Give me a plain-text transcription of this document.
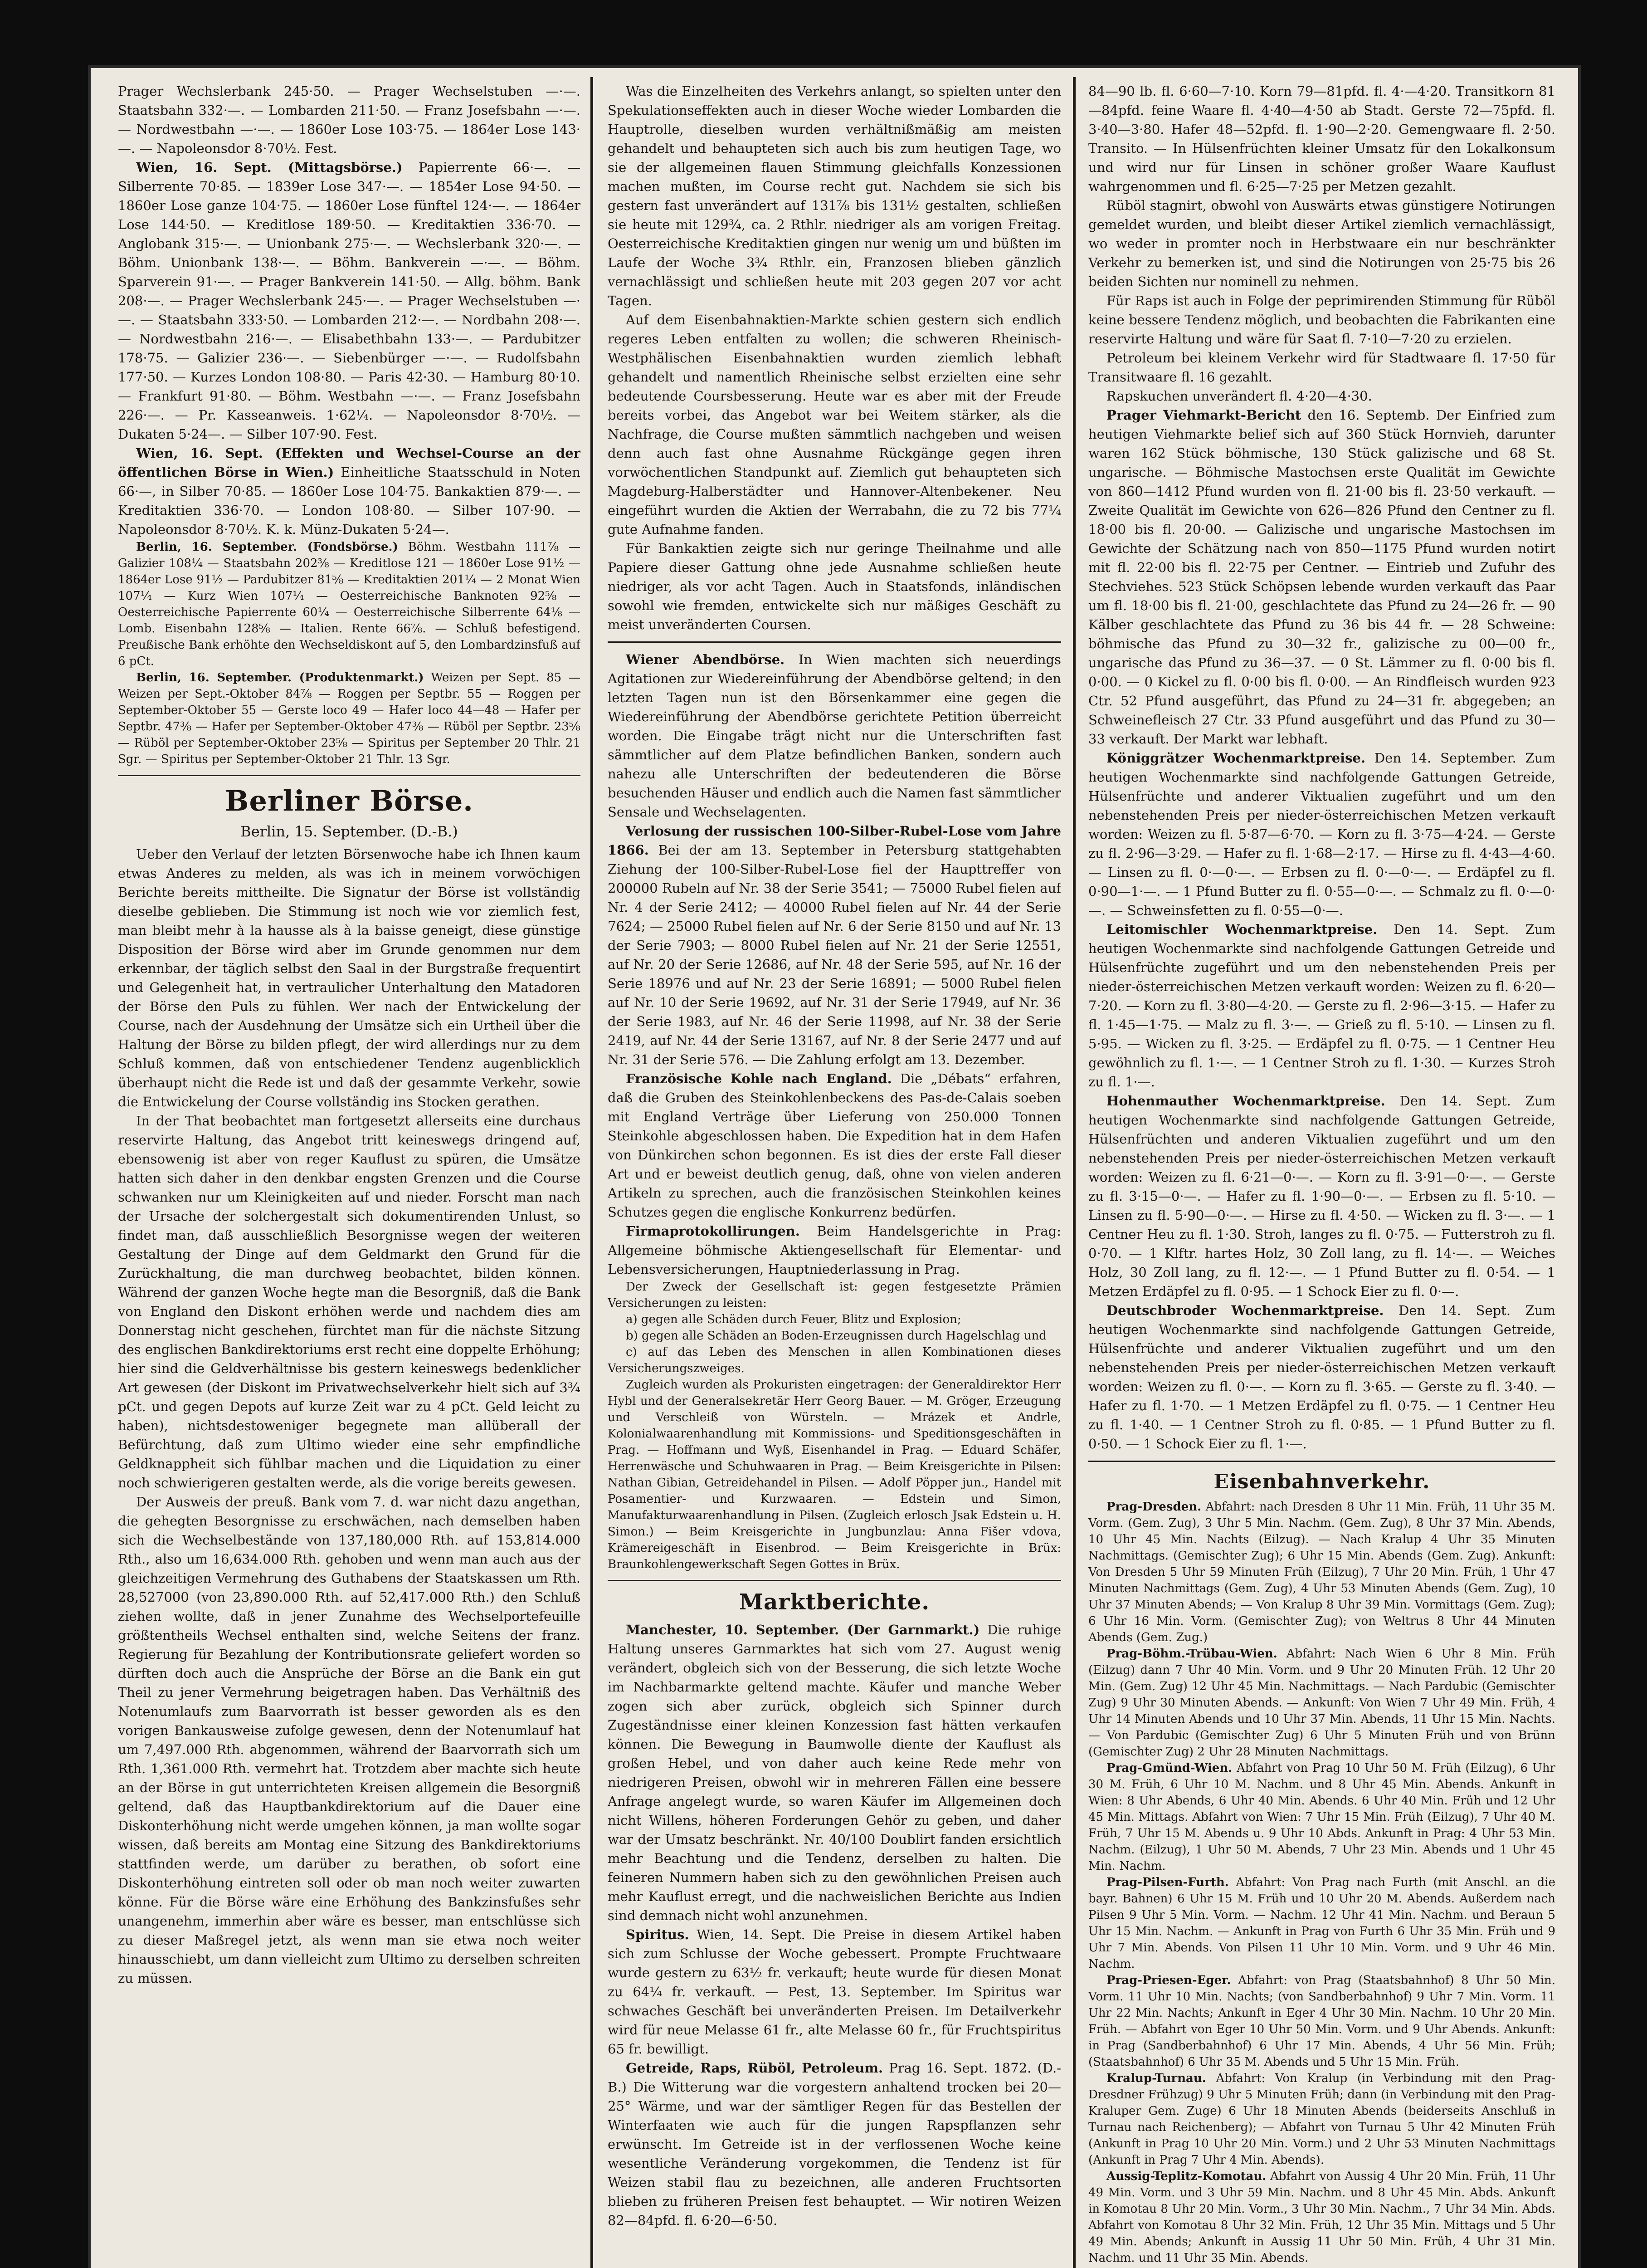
Prager Wechslerbank 245·50. — Prager Wechselstuben —·—. Staatsbahn 332·—. — Lombarden 211·50. — Franz Josefsbahn —·—. — Nordwestbahn —·—. — 1860er Lose 103·75. — 1864er Lose 143·—. — Napoleonsdor 8·70½. Fest.

Wien, 16. Sept. (Mittagsbörse.) Papierrente 66·—. — Silberrente 70·85. — 1839er Lose 347·—. — 1854er Lose 94·50. — 1860er Lose ganze 104·75. — 1860er Lose fünftel 124·—. — 1864er Lose 144·50. — Kreditlose 189·50. — Kreditaktien 336·70. — Anglobank 315·—. — Unionbank 275·—. — Wechslerbank 320·—. — Böhm. Unionbank 138·—. — Böhm. Bankverein —·—. — Böhm. Sparverein 91·—. — Prager Bankverein 141·50. — Allg. böhm. Bank 208·—. — Prager Wechslerbank 245·—. — Prager Wechselstuben —·—. — Staatsbahn 333·50. — Lombarden 212·—. — Nordbahn 208·—. — Nordwestbahn 216·—. — Elisabethbahn 133·—. — Pardubitzer 178·75. — Galizier 236·—. — Siebenbürger —·—. — Rudolfsbahn 177·50. — Kurzes London 108·80. — Paris 42·30. — Hamburg 80·10. — Frankfurt 91·80. — Böhm. Westbahn —·—. — Franz Josefsbahn 226·—. — Pr. Kasseanweis. 1·62¼. — Napoleonsdor 8·70½. — Dukaten 5·24—. — Silber 107·90. Fest.

Wien, 16. Sept. (Effekten und Wechsel-Course an der öffentlichen Börse in Wien.) Einheitliche Staatsschuld in Noten 66·—, in Silber 70·85. — 1860er Lose 104·75. Bankaktien 879·—. — Kreditaktien 336·70. — London 108·80. — Silber 107·90. — Napoleonsdor 8·70½. K. k. Münz-Dukaten 5·24—.

Berlin, 16. September. (Fondsbörse.) Böhm. Westbahn 111⅞ — Galizier 108¼ — Staatsbahn 202⅜ — Kreditlose 121 — 1860er Lose 91½ — 1864er Lose 91½ — Pardubitzer 81⅝ — Kreditaktien 201¼ — 2 Monat Wien 107¼ — Kurz Wien 107¼ — Oesterreichische Banknoten 92⅝ — Oesterreichische Papierrente 60¼ — Oesterreichische Silberrente 64⅛ — Lomb. Eisenbahn 128⅝ — Italien. Rente 66⅞. — Schluß befestigend. Preußische Bank erhöhte den Wechseldiskont auf 5, den Lombardzinsfuß auf 6 pCt.

Berlin, 16. September. (Produktenmarkt.) Weizen per Sept. 85 — Weizen per Sept.-Oktober 84⅞ — Roggen per Septbr. 55 — Roggen per September-Oktober 55 — Gerste loco 49 — Hafer loco 44—48 — Hafer per Septbr. 47⅜ — Hafer per September-Oktober 47⅜ — Rüböl per Septbr. 23⅝ — Rüböl per September-Oktober 23⅝ — Spiritus per September 20 Thlr. 21 Sgr. — Spiritus per September-Oktober 21 Thlr. 13 Sgr.

Berliner Börse.
Berlin, 15. September. (D.-B.)

Ueber den Verlauf der letzten Börsenwoche habe ich Ihnen kaum etwas Anderes zu melden, als was ich in meinem vorwöchigen Berichte bereits mittheilte. Die Signatur der Börse ist vollständig dieselbe geblieben. Die Stimmung ist noch wie vor ziemlich fest, man bleibt mehr à la hausse als à la baisse geneigt, diese günstige Disposition der Börse wird aber im Grunde genommen nur dem erkennbar, der täglich selbst den Saal in der Burgstraße frequentirt und Gelegenheit hat, in vertraulicher Unterhaltung den Matadoren der Börse den Puls zu fühlen. Wer nach der Entwickelung der Course, nach der Ausdehnung der Umsätze sich ein Urtheil über die Haltung der Börse zu bilden pflegt, der wird allerdings nur zu dem Schluß kommen, daß von entschiedener Tendenz augenblicklich überhaupt nicht die Rede ist und daß der gesammte Verkehr, sowie die Entwickelung der Course vollständig ins Stocken gerathen.

In der That beobachtet man fortgesetzt allerseits eine durchaus reservirte Haltung, das Angebot tritt keineswegs dringend auf, ebensowenig ist aber von reger Kauflust zu spüren, die Umsätze hatten sich daher in den denkbar engsten Grenzen und die Course schwanken nur um Kleinigkeiten auf und nieder. Forscht man nach der Ursache der solchergestalt sich dokumentirenden Unlust, so findet man, daß ausschließlich Besorgnisse wegen der weiteren Gestaltung der Dinge auf dem Geldmarkt den Grund für die Zurückhaltung, die man durchweg beobachtet, bilden können. Während der ganzen Woche hegte man die Besorgniß, daß die Bank von England den Diskont erhöhen werde und nachdem dies am Donnerstag nicht geschehen, fürchtet man für die nächste Sitzung des englischen Bankdirektoriums erst recht eine doppelte Erhöhung; hier sind die Geldverhältnisse bis gestern keineswegs bedenklicher Art gewesen (der Diskont im Privatwechselverkehr hielt sich auf 3¾ pCt. und gegen Depots auf kurze Zeit war zu 4 pCt. Geld leicht zu haben), nichtsdestoweniger begegnete man allüberall der Befürchtung, daß zum Ultimo wieder eine sehr empfindliche Geldknappheit sich fühlbar machen und die Liquidation zu einer noch schwierigeren gestalten werde, als die vorige bereits gewesen.

Der Ausweis der preuß. Bank vom 7. d. war nicht dazu angethan, die gehegten Besorgnisse zu erschwächen, nach demselben haben sich die Wechselbestände von 137,180,000 Rth. auf 153,814.000 Rth., also um 16,634.000 Rth. gehoben und wenn man auch aus der gleichzeitigen Vermehrung des Guthabens der Staatskassen um Rth. 28,527000 (von 23,890.000 Rth. auf 52,417.000 Rth.) den Schluß ziehen wollte, daß in jener Zunahme des Wechselportefeuille größtentheils Wechsel enthalten sind, welche Seitens der franz. Regierung für Bezahlung der Kontributionsrate geliefert worden so dürften doch auch die Ansprüche der Börse an die Bank ein gut Theil zu jener Vermehrung beigetragen haben. Das Verhältniß des Notenumlaufs zum Baarvorrath ist besser geworden als es den vorigen Bankausweise zufolge gewesen, denn der Notenumlauf hat um 7,497.000 Rth. abgenommen, während der Baarvorrath sich um Rth. 1,361.000 Rth. vermehrt hat. Trotzdem aber machte sich heute an der Börse in gut unterrichteten Kreisen allgemein die Besorgniß geltend, daß das Hauptbankdirektorium auf die Dauer eine Diskonterhöhung nicht werde umgehen können, ja man wollte sogar wissen, daß bereits am Montag eine Sitzung des Bankdirektoriums stattfinden werde, um darüber zu berathen, ob sofort eine Diskonterhöhung eintreten soll oder ob man noch weiter zuwarten könne. Für die Börse wäre eine Erhöhung des Bankzinsfußes sehr unangenehm, immerhin aber wäre es besser, man entschlüsse sich zu dieser Maßregel jetzt, als wenn man sie etwa noch weiter hinausschiebt, um dann vielleicht zum Ultimo zu derselben schreiten zu müssen.

Was die Einzelheiten des Verkehrs anlangt, so spielten unter den Spekulationseffekten auch in dieser Woche wieder Lombarden die Hauptrolle, dieselben wurden verhältnißmäßig am meisten gehandelt und behaupteten sich auch bis zum heutigen Tage, wo sie der allgemeinen flauen Stimmung gleichfalls Konzessionen machen mußten, im Course recht gut. Nachdem sie sich bis gestern fast unverändert auf 131⅞ bis 131½ gestalten, schließen sie heute mit 129¾, ca. 2 Rthlr. niedriger als am vorigen Freitag. Oesterreichische Kreditaktien gingen nur wenig um und büßten im Laufe der Woche 3¾ Rthlr. ein, Franzosen blieben gänzlich vernachlässigt und schließen heute mit 203 gegen 207 vor acht Tagen.

Auf dem Eisenbahnaktien-Markte schien gestern sich endlich regeres Leben entfalten zu wollen; die schweren Rheinisch-Westphälischen Eisenbahnaktien wurden ziemlich lebhaft gehandelt und namentlich Rheinische selbst erzielten eine sehr bedeutende Coursbesserung. Heute war es aber mit der Freude bereits vorbei, das Angebot war bei Weitem stärker, als die Nachfrage, die Course mußten sämmtlich nachgeben und weisen denn auch fast ohne Ausnahme Rückgänge gegen ihren vorwöchentlichen Standpunkt auf. Ziemlich gut behaupteten sich Magdeburg-Halberstädter und Hannover-Altenbekener. Neu eingeführt wurden die Aktien der Werrabahn, die zu 72 bis 77¼ gute Aufnahme fanden.

Für Bankaktien zeigte sich nur geringe Theilnahme und alle Papiere dieser Gattung ohne jede Ausnahme schließen heute niedriger, als vor acht Tagen. Auch in Staatsfonds, inländischen sowohl wie fremden, entwickelte sich nur mäßiges Geschäft zu meist unveränderten Coursen.

Wiener Abendbörse. In Wien machten sich neuerdings Agitationen zur Wiedereinführung der Abendbörse geltend; in den letzten Tagen nun ist den Börsenkammer eine gegen die Wiedereinführung der Abendbörse gerichtete Petition überreicht worden. Die Eingabe trägt nicht nur die Unterschriften fast sämmtlicher auf dem Platze befindlichen Banken, sondern auch nahezu alle Unterschriften der bedeutenderen die Börse besuchenden Häuser und endlich auch die Namen fast sämmtlicher Sensale und Wechselagenten.

Verlosung der russischen 100-Silber-Rubel-Lose vom Jahre 1866. Bei der am 13. September in Petersburg stattgehabten Ziehung der 100-Silber-Rubel-Lose fiel der Haupttreffer von 200000 Rubeln auf Nr. 38 der Serie 3541; — 75000 Rubel fielen auf Nr. 4 der Serie 2412; — 40000 Rubel fielen auf Nr. 44 der Serie 7624; — 25000 Rubel fielen auf Nr. 6 der Serie 8150 und auf Nr. 13 der Serie 7903; — 8000 Rubel fielen auf Nr. 21 der Serie 12551, auf Nr. 20 der Serie 12686, auf Nr. 48 der Serie 595, auf Nr. 16 der Serie 18976 und auf Nr. 23 der Serie 16891; — 5000 Rubel fielen auf Nr. 10 der Serie 19692, auf Nr. 31 der Serie 17949, auf Nr. 36 der Serie 1983, auf Nr. 46 der Serie 11998, auf Nr. 38 der Serie 2419, auf Nr. 44 der Serie 13167, auf Nr. 8 der Serie 2477 und auf Nr. 31 der Serie 576. — Die Zahlung erfolgt am 13. Dezember.

Französische Kohle nach England. Die „Débats“ erfahren, daß die Gruben des Steinkohlenbeckens des Pas-de-Calais soeben mit England Verträge über Lieferung von 250.000 Tonnen Steinkohle abgeschlossen haben. Die Expedition hat in dem Hafen von Dünkirchen schon begonnen. Es ist dies der erste Fall dieser Art und er beweist deutlich genug, daß, ohne von vielen anderen Artikeln zu sprechen, auch die französischen Steinkohlen keines Schutzes gegen die englische Konkurrenz bedürfen.

Firmaprotokollirungen. Beim Handelsgerichte in Prag: Allgemeine böhmische Aktiengesellschaft für Elementar- und Lebensversicherungen, Hauptniederlassung in Prag.

Der Zweck der Gesellschaft ist: gegen festgesetzte Prämien Versicherungen zu leisten:

a) gegen alle Schäden durch Feuer, Blitz und Explosion;

b) gegen alle Schäden an Boden-Erzeugnissen durch Hagelschlag und

c) auf das Leben des Menschen in allen Kombinationen dieses Versicherungszweiges.

Zugleich wurden als Prokuristen eingetragen: der Generaldirektor Herr Hybl und der Generalsekretär Herr Georg Bauer. — M. Gröger, Erzeugung und Verschleiß von Würsteln. — Mrázek et Andrle, Kolonialwaarenhandlung mit Kommissions- und Speditionsgeschäften in Prag. — Hoffmann und Wyß, Eisenhandel in Prag. — Eduard Schäfer, Herrenwäsche und Schuhwaaren in Prag. — Beim Kreisgerichte in Pilsen: Nathan Gibian, Getreidehandel in Pilsen. — Adolf Pöpper jun., Handel mit Posamentier- und Kurzwaaren. — Edstein und Simon, Manufakturwaarenhandlung in Pilsen. (Zugleich erlosch Jsak Edstein u. H. Simon.) — Beim Kreisgerichte in Jungbunzlau: Anna Fišer vdova, Krämereigeschäft in Eisenbrod. — Beim Kreisgerichte in Brüx: Braunkohlengewerkschaft Segen Gottes in Brüx.

Marktberichte.

Manchester, 10. September. (Der Garnmarkt.) Die ruhige Haltung unseres Garnmarktes hat sich vom 27. August wenig verändert, obgleich sich von der Besserung, die sich letzte Woche im Nachbarmarkte geltend machte. Käufer und manche Weber zogen sich aber zurück, obgleich sich Spinner durch Zugeständnisse einer kleinen Konzession fast hätten verkaufen können. Die Bewegung in Baumwolle diente der Kauflust als großen Hebel, und von daher auch keine Rede mehr von niedrigeren Preisen, obwohl wir in mehreren Fällen eine bessere Anfrage angelegt wurde, so waren Käufer im Allgemeinen doch nicht Willens, höheren Forderungen Gehör zu geben, und daher war der Umsatz beschränkt. Nr. 40/100 Doublirt fanden ersichtlich mehr Beachtung und die Tendenz, derselben zu halten. Die feineren Nummern haben sich zu den gewöhnlichen Preisen auch mehr Kauflust erregt, und die nachweislichen Berichte aus Indien sind demnach nicht wohl anzunehmen.

Spiritus. Wien, 14. Sept. Die Preise in diesem Artikel haben sich zum Schlusse der Woche gebessert. Prompte Fruchtwaare wurde gestern zu 63½ fr. verkauft; heute wurde für diesen Monat zu 64¼ fr. verkauft. — Pest, 13. September. Im Spiritus war schwaches Geschäft bei unveränderten Preisen. Im Detailverkehr wird für neue Melasse 61 fr., alte Melasse 60 fr., für Fruchtspiritus 65 fr. bewilligt.

Getreide, Raps, Rüböl, Petroleum. Prag 16. Sept. 1872. (D.-B.) Die Witterung war die vorgestern anhaltend trocken bei 20—25° Wärme, und war der sämtliger Regen für das Bestellen der Winterfaaten wie auch für die jungen Rapspflanzen sehr erwünscht. Im Getreide ist in der verflossenen Woche keine wesentliche Veränderung vorgekommen, die Tendenz ist für Weizen stabil flau zu bezeichnen, alle anderen Fruchtsorten blieben zu früheren Preisen fest behauptet. — Wir notiren Weizen 82—84pfd. fl. 6·20—6·50.

84—90 lb. fl. 6·60—7·10. Korn 79—81pfd. fl. 4·—4·20. Transitkorn 81—84pfd. feine Waare fl. 4·40—4·50 ab Stadt. Gerste 72—75pfd. fl. 3·40—3·80. Hafer 48—52pfd. fl. 1·90—2·20. Gemengwaare fl. 2·50. Transito. — In Hülsenfrüchten kleiner Umsatz für den Lokalkonsum und wird nur für Linsen in schöner großer Waare Kauflust wahrgenommen und fl. 6·25—7·25 per Metzen gezahlt.

Rüböl stagnirt, obwohl von Auswärts etwas günstigere Notirungen gemeldet wurden, und bleibt dieser Artikel ziemlich vernachlässigt, wo weder in promter noch in Herbstwaare ein nur beschränkter Verkehr zu bemerken ist, und sind die Notirungen von 25·75 bis 26 beiden Sichten nur nominell zu nehmen.

Für Raps ist auch in Folge der peprimirenden Stimmung für Rüböl keine bessere Tendenz möglich, und beobachten die Fabrikanten eine reservirte Haltung und wäre für Saat fl. 7·10—7·20 zu erzielen.

Petroleum bei kleinem Verkehr wird für Stadtwaare fl. 17·50 für Transitwaare fl. 16 gezahlt.

Rapskuchen unverändert fl. 4·20—4·30.

Prager Viehmarkt-Bericht den 16. Septemb. Der Einfried zum heutigen Viehmarkte belief sich auf 360 Stück Hornvieh, darunter waren 162 Stück böhmische, 130 Stück galizische und 68 St. ungarische. — Böhmische Mastochsen erste Qualität im Gewichte von 860—1412 Pfund wurden von fl. 21·00 bis fl. 23·50 verkauft. — Zweite Qualität im Gewichte von 626—826 Pfund den Centner zu fl. 18·00 bis fl. 20·00. — Galizische und ungarische Mastochsen im Gewichte der Schätzung nach von 850—1175 Pfund wurden notirt mit fl. 22·00 bis fl. 22·75 per Centner. — Eintrieb und Zufuhr des Stechviehes. 523 Stück Schöpsen lebende wurden verkauft das Paar um fl. 18·00 bis fl. 21·00, geschlachtete das Pfund zu 24—26 fr. — 90 Kälber geschlachtete das Pfund zu 36 bis 44 fr. — 28 Schweine: böhmische das Pfund zu 30—32 fr., galizische zu 00—00 fr., ungarische das Pfund zu 36—37. — 0 St. Lämmer zu fl. 0·00 bis fl. 0·00. — 0 Kickel zu fl. 0·00 bis fl. 0·00. — An Rindfleisch wurden 923 Ctr. 52 Pfund ausgeführt, das Pfund zu 24—31 fr. abgegeben; an Schweinefleisch 27 Ctr. 33 Pfund ausgeführt und das Pfund zu 30—33 verkauft. Der Markt war lebhaft.

Königgrätzer Wochenmarktpreise. Den 14. September. Zum heutigen Wochenmarkte sind nachfolgende Gattungen Getreide, Hülsenfrüchte und anderer Viktualien zugeführt und um den nebenstehenden Preis per nieder-österreichischen Metzen verkauft worden: Weizen zu fl. 5·87—6·70. — Korn zu fl. 3·75—4·24. — Gerste zu fl. 2·96—3·29. — Hafer zu fl. 1·68—2·17. — Hirse zu fl. 4·43—4·60. — Linsen zu fl. 0·—0·—. — Erbsen zu fl. 0·—0·—. — Erdäpfel zu fl. 0·90—1·—. — 1 Pfund Butter zu fl. 0·55—0·—. — Schmalz zu fl. 0·—0·—. — Schweinsfetten zu fl. 0·55—0·—.

Leitomischler Wochenmarktpreise. Den 14. Sept. Zum heutigen Wochenmarkte sind nachfolgende Gattungen Getreide und Hülsenfrüchte zugeführt und um den nebenstehenden Preis per nieder-österreichischen Metzen verkauft worden: Weizen zu fl. 6·20—7·20. — Korn zu fl. 3·80—4·20. — Gerste zu fl. 2·96—3·15. — Hafer zu fl. 1·45—1·75. — Malz zu fl. 3·—. — Grieß zu fl. 5·10. — Linsen zu fl. 5·95. — Wicken zu fl. 3·25. — Erdäpfel zu fl. 0·75. — 1 Centner Heu gewöhnlich zu fl. 1·—. — 1 Centner Stroh zu fl. 1·30. — Kurzes Stroh zu fl. 1·—.

Hohenmauther Wochenmarktpreise. Den 14. Sept. Zum heutigen Wochenmarkte sind nachfolgende Gattungen Getreide, Hülsenfrüchten und anderen Viktualien zugeführt und um den nebenstehenden Preis per nieder-österreichischen Metzen verkauft worden: Weizen zu fl. 6·21—0·—. — Korn zu fl. 3·91—0·—. — Gerste zu fl. 3·15—0·—. — Hafer zu fl. 1·90—0·—. — Erbsen zu fl. 5·10. — Linsen zu fl. 5·90—0·—. — Hirse zu fl. 4·50. — Wicken zu fl. 3·—. — 1 Centner Heu zu fl. 1·30. Stroh, langes zu fl. 0·75. — Futterstroh zu fl. 0·70. — 1 Klftr. hartes Holz, 30 Zoll lang, zu fl. 14·—. — Weiches Holz, 30 Zoll lang, zu fl. 12·—. — 1 Pfund Butter zu fl. 0·54. — 1 Metzen Erdäpfel zu fl. 0·95. — 1 Schock Eier zu fl. 0·—.

Deutschbroder Wochenmarktpreise. Den 14. Sept. Zum heutigen Wochenmarkte sind nachfolgende Gattungen Getreide, Hülsenfrüchte und anderer Viktualien zugeführt und um den nebenstehenden Preis per nieder-österreichischen Metzen verkauft worden: Weizen zu fl. 0·—. — Korn zu fl. 3·65. — Gerste zu fl. 3·40. — Hafer zu fl. 1·70. — 1 Metzen Erdäpfel zu fl. 0·75. — 1 Centner Heu zu fl. 1·40. — 1 Centner Stroh zu fl. 0·85. — 1 Pfund Butter zu fl. 0·50. — 1 Schock Eier zu fl. 1·—.

Eisenbahnverkehr.

Prag-Dresden. Abfahrt: nach Dresden 8 Uhr 11 Min. Früh, 11 Uhr 35 M. Vorm. (Gem. Zug), 3 Uhr 5 Min. Nachm. (Gem. Zug), 8 Uhr 37 Min. Abends, 10 Uhr 45 Min. Nachts (Eilzug). — Nach Kralup 4 Uhr 35 Minuten Nachmittags. (Gemischter Zug); 6 Uhr 15 Min. Abends (Gem. Zug). Ankunft: Von Dresden 5 Uhr 59 Minuten Früh (Eilzug), 7 Uhr 20 Min. Früh, 1 Uhr 47 Minuten Nachmittags (Gem. Zug), 4 Uhr 53 Minuten Abends (Gem. Zug), 10 Uhr 37 Minuten Abends; — Von Kralup 8 Uhr 39 Min. Vormittags (Gem. Zug); 6 Uhr 16 Min. Vorm. (Gemischter Zug); von Weltrus 8 Uhr 44 Minuten Abends (Gem. Zug.)

Prag-Böhm.-Trübau-Wien. Abfahrt: Nach Wien 6 Uhr 8 Min. Früh (Eilzug) dann 7 Uhr 40 Min. Vorm. und 9 Uhr 20 Minuten Früh. 12 Uhr 20 Min. (Gem. Zug) 12 Uhr 45 Min. Nachmittags. — Nach Pardubic (Gemischter Zug) 9 Uhr 30 Minuten Abends. — Ankunft: Von Wien 7 Uhr 49 Min. Früh, 4 Uhr 14 Minuten Abends und 10 Uhr 37 Min. Abends, 11 Uhr 15 Min. Nachts. — Von Pardubic (Gemischter Zug) 6 Uhr 5 Minuten Früh und von Brünn (Gemischter Zug) 2 Uhr 28 Minuten Nachmittags.

Prag-Gmünd-Wien. Abfahrt von Prag 10 Uhr 50 M. Früh (Eilzug), 6 Uhr 30 M. Früh, 6 Uhr 10 M. Nachm. und 8 Uhr 45 Min. Abends. Ankunft in Wien: 8 Uhr Abends, 6 Uhr 40 Min. Abends. 6 Uhr 40 Min. Früh und 12 Uhr 45 Min. Mittags. Abfahrt von Wien: 7 Uhr 15 Min. Früh (Eilzug), 7 Uhr 40 M. Früh, 7 Uhr 15 M. Abends u. 9 Uhr 10 Abds. Ankunft in Prag: 4 Uhr 53 Min. Nachm. (Eilzug), 1 Uhr 50 M. Abends, 7 Uhr 23 Min. Abends und 1 Uhr 45 Min. Nachm.

Prag-Pilsen-Furth. Abfahrt: Von Prag nach Furth (mit Anschl. an die bayr. Bahnen) 6 Uhr 15 M. Früh und 10 Uhr 20 M. Abends. Außerdem nach Pilsen 9 Uhr 5 Min. Vorm. — Nachm. 12 Uhr 41 Min. Nachm. und Beraun 5 Uhr 15 Min. Nachm. — Ankunft in Prag von Furth 6 Uhr 35 Min. Früh und 9 Uhr 7 Min. Abends. Von Pilsen 11 Uhr 10 Min. Vorm. und 9 Uhr 46 Min. Nachm.

Prag-Priesen-Eger. Abfahrt: von Prag (Staatsbahnhof) 8 Uhr 50 Min. Vorm. 11 Uhr 10 Min. Nachts; (von Sandberbahnhof) 9 Uhr 7 Min. Vorm. 11 Uhr 22 Min. Nachts; Ankunft in Eger 4 Uhr 30 Min. Nachm. 10 Uhr 20 Min. Früh. — Abfahrt von Eger 10 Uhr 50 Min. Vorm. und 9 Uhr Abends. Ankunft: in Prag (Sandberbahnhof) 6 Uhr 17 Min. Abends, 4 Uhr 56 Min. Früh; (Staatsbahnhof) 6 Uhr 35 M. Abends und 5 Uhr 15 Min. Früh.

Kralup-Turnau. Abfahrt: Von Kralup (in Verbindung mit den Prag-Dresdner Frühzug) 9 Uhr 5 Minuten Früh; dann (in Verbindung mit den Prag-Kraluper Gem. Zuge) 6 Uhr 18 Minuten Abends (beiderseits Anschluß in Turnau nach Reichenberg); — Abfahrt von Turnau 5 Uhr 42 Minuten Früh (Ankunft in Prag 10 Uhr 20 Min. Vorm.) und 2 Uhr 53 Minuten Nachmittags (Ankunft in Prag 7 Uhr 4 Min. Abends).

Aussig-Teplitz-Komotau. Abfahrt von Aussig 4 Uhr 20 Min. Früh, 11 Uhr 49 Min. Vorm. und 3 Uhr 59 Min. Nachm. und 8 Uhr 45 Min. Abds. Ankunft in Komotau 8 Uhr 20 Min. Vorm., 3 Uhr 30 Min. Nachm., 7 Uhr 34 Min. Abds. Abfahrt von Komotau 8 Uhr 32 Min. Früh, 12 Uhr 35 Min. Mittags und 5 Uhr 49 Min. Abends; Ankunft in Aussig 11 Uhr 50 Min. Früh, 4 Uhr 31 Min. Nachm. und 11 Uhr 35 Min. Abends.
